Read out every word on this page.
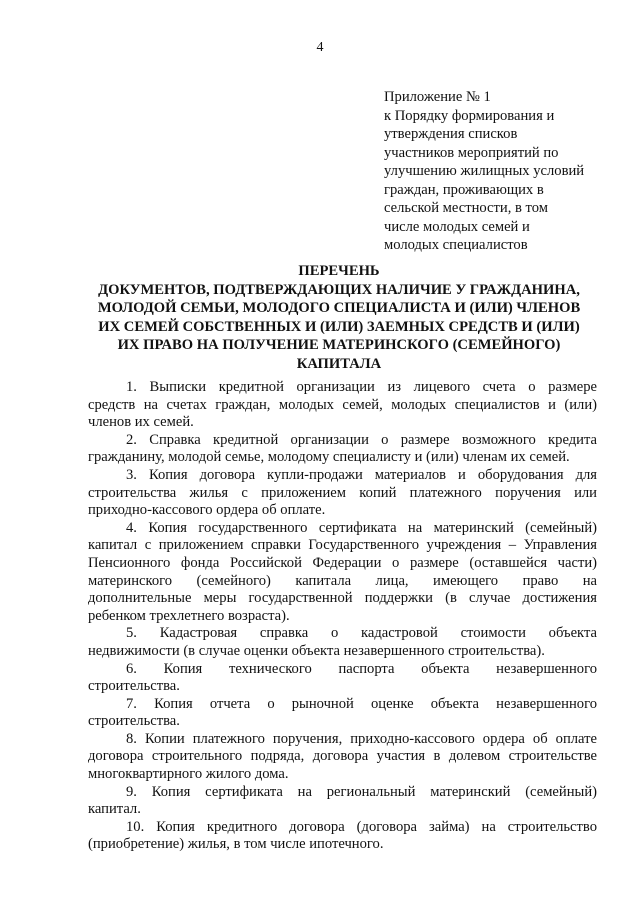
4
Приложение № 1
к Порядку формирования и
утверждения списков
участников мероприятий по
улучшению жилищных условий
граждан, проживающих в
сельской местности, в том
числе молодых семей и
молодых специалистов
ПЕРЕЧЕНЬ
ДОКУМЕНТОВ, ПОДТВЕРЖДАЮЩИХ НАЛИЧИЕ У ГРАЖДАНИНА,
МОЛОДОЙ СЕМЬИ, МОЛОДОГО СПЕЦИАЛИСТА И (ИЛИ) ЧЛЕНОВ
ИХ СЕМЕЙ СОБСТВЕННЫХ И (ИЛИ) ЗАЕМНЫХ СРЕДСТВ И (ИЛИ)
ИХ ПРАВО НА ПОЛУЧЕНИЕ МАТЕРИНСКОГО (СЕМЕЙНОГО)
КАПИТАЛА
1. Выписки кредитной организации из лицевого счета о размере
средств на счетах граждан, молодых семей, молодых специалистов и (или)
членов их семей.
2. Справка кредитной организации о размере возможного кредита
гражданину, молодой семье, молодому специалисту и (или) членам их семей.
3. Копия договора купли-продажи материалов и оборудования для
строительства жилья с приложением копий платежного поручения или
приходно-кассового ордера об оплате.
4. Копия государственного сертификата на материнский (семейный)
капитал с приложением справки Государственного учреждения – Управления
Пенсионного фонда Российской Федерации о размере (оставшейся части)
материнского (семейного) капитала лица, имеющего право на
дополнительные меры государственной поддержки (в случае достижения
ребенком трехлетнего возраста).
5. Кадастровая справка о кадастровой стоимости объекта
недвижимости (в случае оценки объекта незавершенного строительства).
6. Копия технического паспорта объекта незавершенного
строительства.
7. Копия отчета о рыночной оценке объекта незавершенного
строительства.
8. Копии платежного поручения, приходно-кассового ордера об оплате
договора строительного подряда, договора участия в долевом строительстве
многоквартирного жилого дома.
9. Копия сертификата на региональный материнский (семейный)
капитал.
10. Копия кредитного договора (договора займа) на строительство
(приобретение) жилья, в том числе ипотечного.
